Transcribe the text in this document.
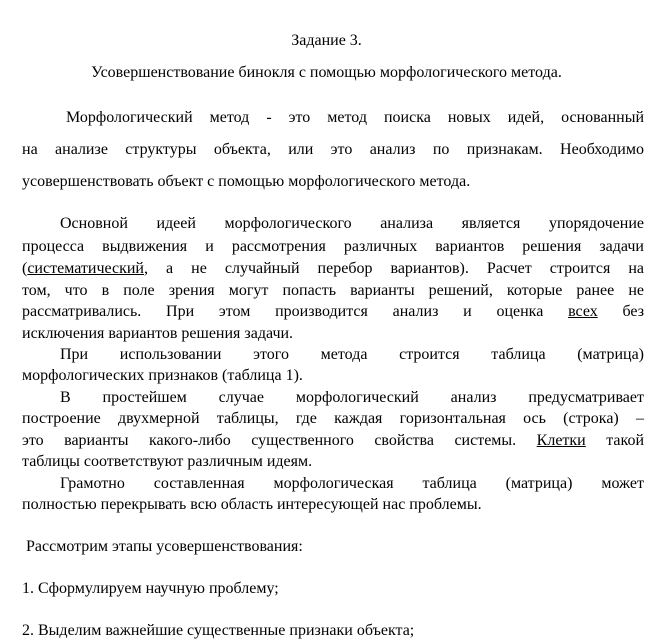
Задание 3.
Усовершенствование бинокля с помощью морфологического метода.
Морфологический метод - это метод поиска новых идей, основанный
на анализе структуры объекта, или это анализ по признакам. Необходимо
усовершенствовать объект с помощью морфологического метода.
Основной идеей морфологического анализа является упорядочение
процесса выдвижения и рассмотрения различных вариантов решения задачи
(систематический, а не случайный перебор вариантов). Расчет строится на
том, что в поле зрения могут попасть варианты решений, которые ранее не
рассматривались. При этом производится анализ и оценка всех без
исключения вариантов решения задачи.
При использовании этого метода строится таблица (матрица)
морфологических признаков (таблица 1).
В простейшем случае морфологический анализ предусматривает
построение двухмерной таблицы, где каждая горизонтальная ось (строка) –
это варианты какого-либо существенного свойства системы. Клетки такой
таблицы соответствуют различным идеям.
Грамотно составленная морфологическая таблица (матрица) может
полностью перекрывать всю область интересующей нас проблемы.
Рассмотрим этапы усовершенствования:
1. Сформулируем научную проблему;
2. Выделим важнейшие существенные признаки объекта;
